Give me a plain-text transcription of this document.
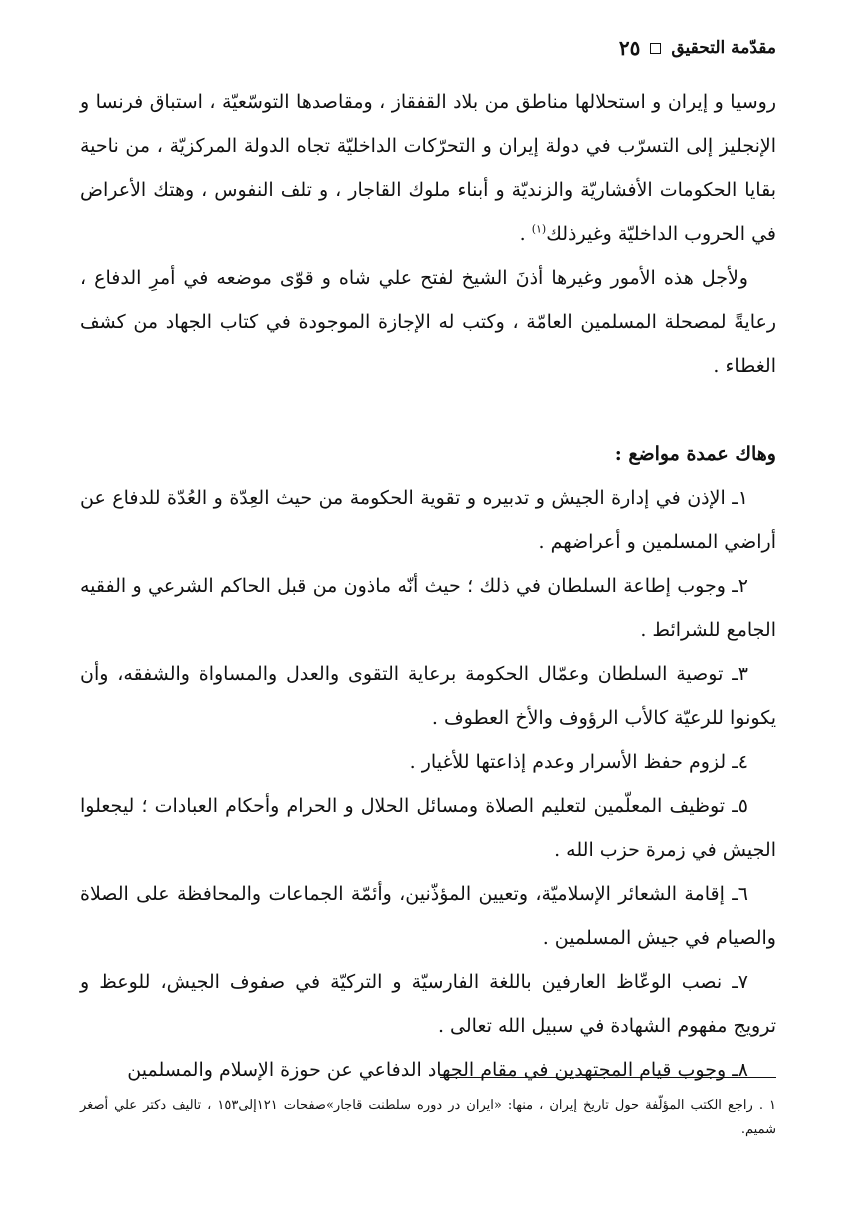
مقدّمة التحقيق
٢٥

روسيا و إيران و استحلالها مناطق من بلاد القفقاز ، ومقاصدها التوسّعيّة ، استباق فرنسا و الإنجليز إلى التسرّب في دولة إيران و التحرّكات الداخليّة تجاه الدولة المركزيّة ، من ناحية بقايا الحكومات الأفشاريّة والزنديّة و أبناء ملوك القاجار ، و تلف النفوس ، وهتك الأعراض في الحروب الداخليّة وغيرذلك$^{(١)}$ .

ولأجل هذه الأمور وغيرها أذنَ الشيخ لفتح علي شاه و قوّى موضعه في أمرِ الدفاع ، رعايةً لمصحلة المسلمين العامّة ، وكتب له الإجازة الموجودة في كتاب الجهاد من كشف الغطاء .

وهاك عمدة مواضع :

١ـ الإذن في إدارة الجيش و تدبيره و تقوية الحكومة من حيث العِدّة و العُدّة للدفاع عن أراضي المسلمين و أعراضهم .

٢ـ وجوب إطاعة السلطان في ذلك ؛ حيث أنّه ماذون من قبل الحاكم الشرعي و الفقيه الجامع للشرائط .

٣ـ توصية السلطان وعمّال الحكومة برعاية التقوى والعدل والمساواة والشفقه، وأن يكونوا للرعيّة كالأب الرؤوف والأخ العطوف .

٤ـ لزوم حفظ الأسرار وعدم إذاعتها للأغيار .

٥ـ توظيف المعلّمين لتعليم الصلاة ومسائل الحلال و الحرام وأحكام العبادات ؛ ليجعلوا الجيش في زمرة حزب الله .

٦ـ إقامة الشعائر الإسلاميّة، وتعيين المؤذّنين، وأئمّة الجماعات والمحافظة على الصلاة والصيام في جيش المسلمين .

٧ـ نصب الوعّاظ العارفين باللغة الفارسيّة و التركيّة في صفوف الجيش، للوعظ و ترويج مفهوم الشهادة في سبيل الله تعالى .

٨ـ وجوب قيام المجتهدين في مقام الجهاد الدفاعي عن حوزة الإسلام والمسلمين

١ . راجع الكتب المؤلّفة حول تاريخ إيران ، منها: «ايران در دوره سلطنت قاجار»صفحات ١٢١إلى١٥٣ ، تاليف دكتر علي أصغر شميم.
